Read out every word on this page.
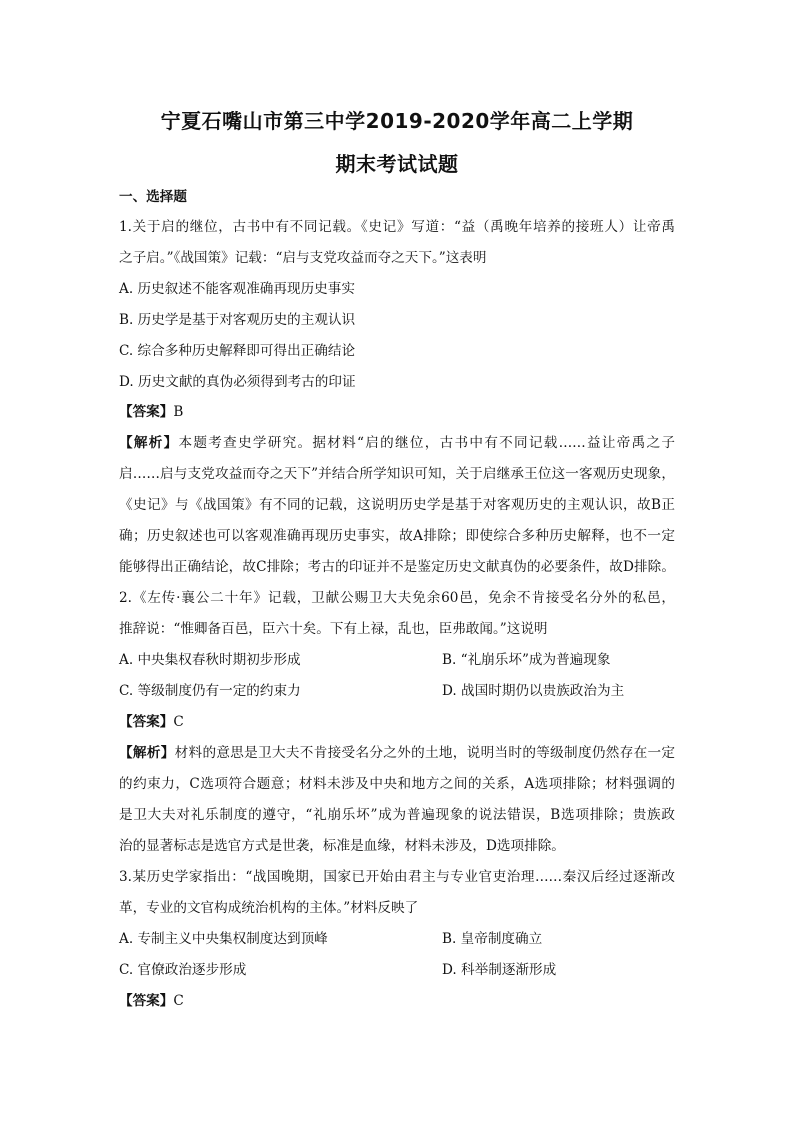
宁夏石嘴山市第三中学2019-2020学年高二上学期
期末考试试题
一、选择题
1.关于启的继位，古书中有不同记载。《史记》写道：“益（禹晚年培养的接班人）让帝禹
之子启。”《战国策》记载：“启与支党攻益而夺之天下。”这表明
A. 历史叙述不能客观准确再现历史事实
B. 历史学是基于对客观历史的主观认识
C. 综合多种历史解释即可得出正确结论
D. 历史文献的真伪必须得到考古的印证
【答案】B
【解析】本题考查史学研究。据材料“启的继位，古书中有不同记载……益让帝禹之子
启……启与支党攻益而夺之天下”并结合所学知识可知，关于启继承王位这一客观历史现象，
《史记》与《战国策》有不同的记载，这说明历史学是基于对客观历史的主观认识，故B正
确；历史叙述也可以客观准确再现历史事实，故A排除；即使综合多种历史解释，也不一定
能够得出正确结论，故C排除；考古的印证并不是鉴定历史文献真伪的必要条件，故D排除。
2.《左传·襄公二十年》记载，卫献公赐卫大夫免余60邑，免余不肯接受名分外的私邑，
推辞说：“惟卿备百邑，臣六十矣。下有上禄，乱也，臣弗敢闻。”这说明
A. 中央集权春秋时期初步形成	B. “礼崩乐坏”成为普遍现象
C. 等级制度仍有一定的约束力	D. 战国时期仍以贵族政治为主
【答案】C
【解析】材料的意思是卫大夫不肯接受名分之外的土地，说明当时的等级制度仍然存在一定
的约束力，C选项符合题意；材料未涉及中央和地方之间的关系，A选项排除；材料强调的
是卫大夫对礼乐制度的遵守，“礼崩乐坏”成为普遍现象的说法错误，B选项排除；贵族政
治的显著标志是选官方式是世袭，标准是血缘，材料未涉及，D选项排除。
3.某历史学家指出：“战国晚期，国家已开始由君主与专业官吏治理……秦汉后经过逐渐改
革，专业的文官构成统治机构的主体。”材料反映了
A. 专制主义中央集权制度达到顶峰	B. 皇帝制度确立
C. 官僚政治逐步形成	D. 科举制逐渐形成
【答案】C
